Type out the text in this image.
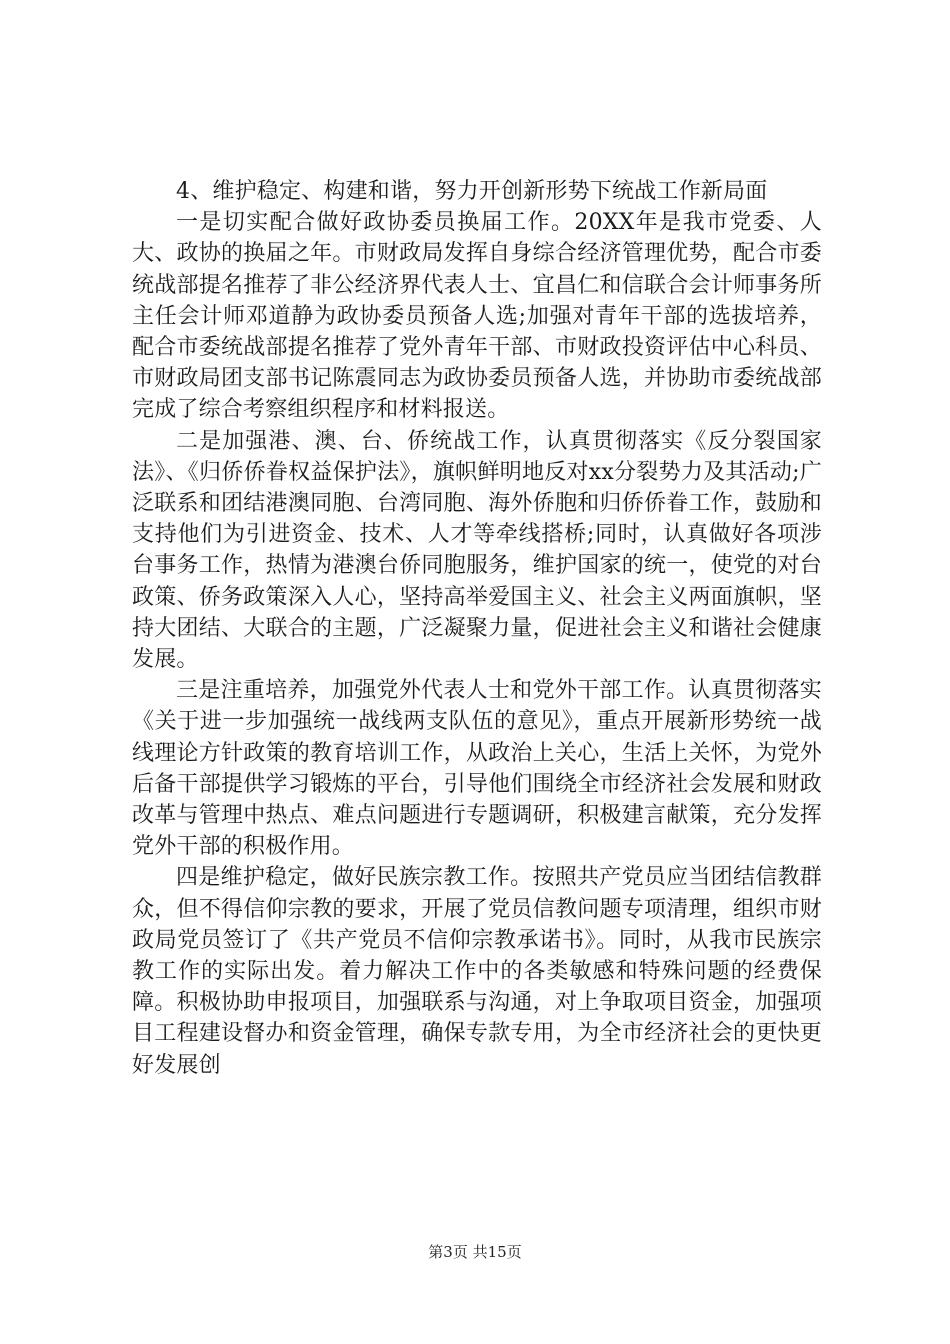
4、维护稳定、构建和谐，努力开创新形势下统战工作新局面

一是切实配合做好政协委员换届工作。20XX年是我市党委、人大、政协的换届之年。市财政局发挥自身综合经济管理优势，配合市委统战部提名推荐了非公经济界代表人士、宜昌仁和信联合会计师事务所主任会计师邓道静为政协委员预备人选;加强对青年干部的选拔培养，配合市委统战部提名推荐了党外青年干部、市财政投资评估中心科员、市财政局团支部书记陈震同志为政协委员预备人选，并协助市委统战部完成了综合考察组织程序和材料报送。

二是加强港、澳、台、侨统战工作，认真贯彻落实《反分裂国家法》、《归侨侨眷权益保护法》，旗帜鲜明地反对xx分裂势力及其活动;广泛联系和团结港澳同胞、台湾同胞、海外侨胞和归侨侨眷工作，鼓励和支持他们为引进资金、技术、人才等牵线搭桥;同时，认真做好各项涉台事务工作，热情为港澳台侨同胞服务，维护国家的统一，使党的对台政策、侨务政策深入人心，坚持高举爱国主义、社会主义两面旗帜，坚持大团结、大联合的主题，广泛凝聚力量，促进社会主义和谐社会健康发展。

三是注重培养，加强党外代表人士和党外干部工作。认真贯彻落实《关于进一步加强统一战线两支队伍的意见》，重点开展新形势统一战线理论方针政策的教育培训工作，从政治上关心，生活上关怀，为党外后备干部提供学习锻炼的平台，引导他们围绕全市经济社会发展和财政改革与管理中热点、难点问题进行专题调研，积极建言献策，充分发挥党外干部的积极作用。

四是维护稳定，做好民族宗教工作。按照共产党员应当团结信教群众，但不得信仰宗教的要求，开展了党员信教问题专项清理，组织市财政局党员签订了《共产党员不信仰宗教承诺书》。同时，从我市民族宗教工作的实际出发。着力解决工作中的各类敏感和特殊问题的经费保障。积极协助申报项目，加强联系与沟通，对上争取项目资金，加强项目工程建设督办和资金管理，确保专款专用，为全市经济社会的更快更好发展创

第3页 共15页
